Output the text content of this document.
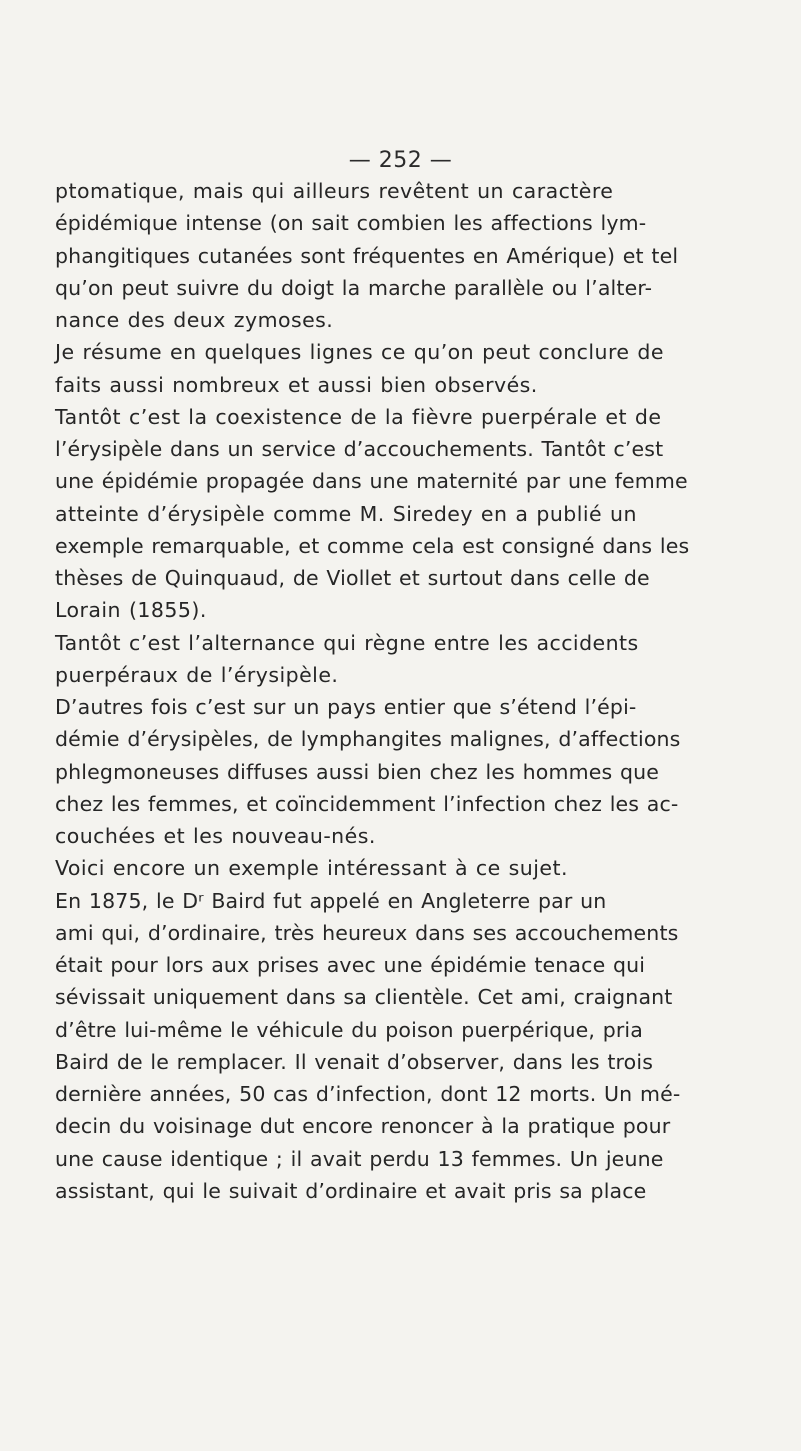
— 252 —
ptomatique, mais qui ailleurs revêtent un caractère
épidémique intense (on sait combien les affections lym-
phangitiques cutanées sont fréquentes en Amérique) et tel
qu’on peut suivre du doigt la marche parallèle ou l’alter-
nance des deux zymoses.
Je résume en quelques lignes ce qu’on peut conclure de
faits aussi nombreux et aussi bien observés.
Tantôt c’est la coexistence de la fièvre puerpérale et de
l’érysipèle dans un service d’accouchements. Tantôt c’est
une épidémie propagée dans une maternité par une femme
atteinte d’érysipèle comme M. Siredey en a publié un
exemple remarquable, et comme cela est consigné dans les
thèses de Quinquaud, de Viollet et surtout dans celle de
Lorain (1855).
Tantôt c’est l’alternance qui règne entre les accidents
puerpéraux de l’érysipèle.
D’autres fois c’est sur un pays entier que s’étend l’épi-
démie d’érysipèles, de lymphangites malignes, d’affections
phlegmoneuses diffuses aussi bien chez les hommes que
chez les femmes, et coïncidemment l’infection chez les ac-
couchées et les nouveau-nés.
Voici encore un exemple intéressant à ce sujet.
En 1875, le Dʳ Baird fut appelé en Angleterre par un
ami qui, d’ordinaire, très heureux dans ses accouchements
était pour lors aux prises avec une épidémie tenace qui
sévissait uniquement dans sa clientèle. Cet ami, craignant
d’être lui-même le véhicule du poison puerpérique, pria
Baird de le remplacer. Il venait d’observer, dans les trois
dernière années, 50 cas d’infection, dont 12 morts. Un mé-
decin du voisinage dut encore renoncer à la pratique pour
une cause identique ; il avait perdu 13 femmes. Un jeune
assistant, qui le suivait d’ordinaire et avait pris sa place
